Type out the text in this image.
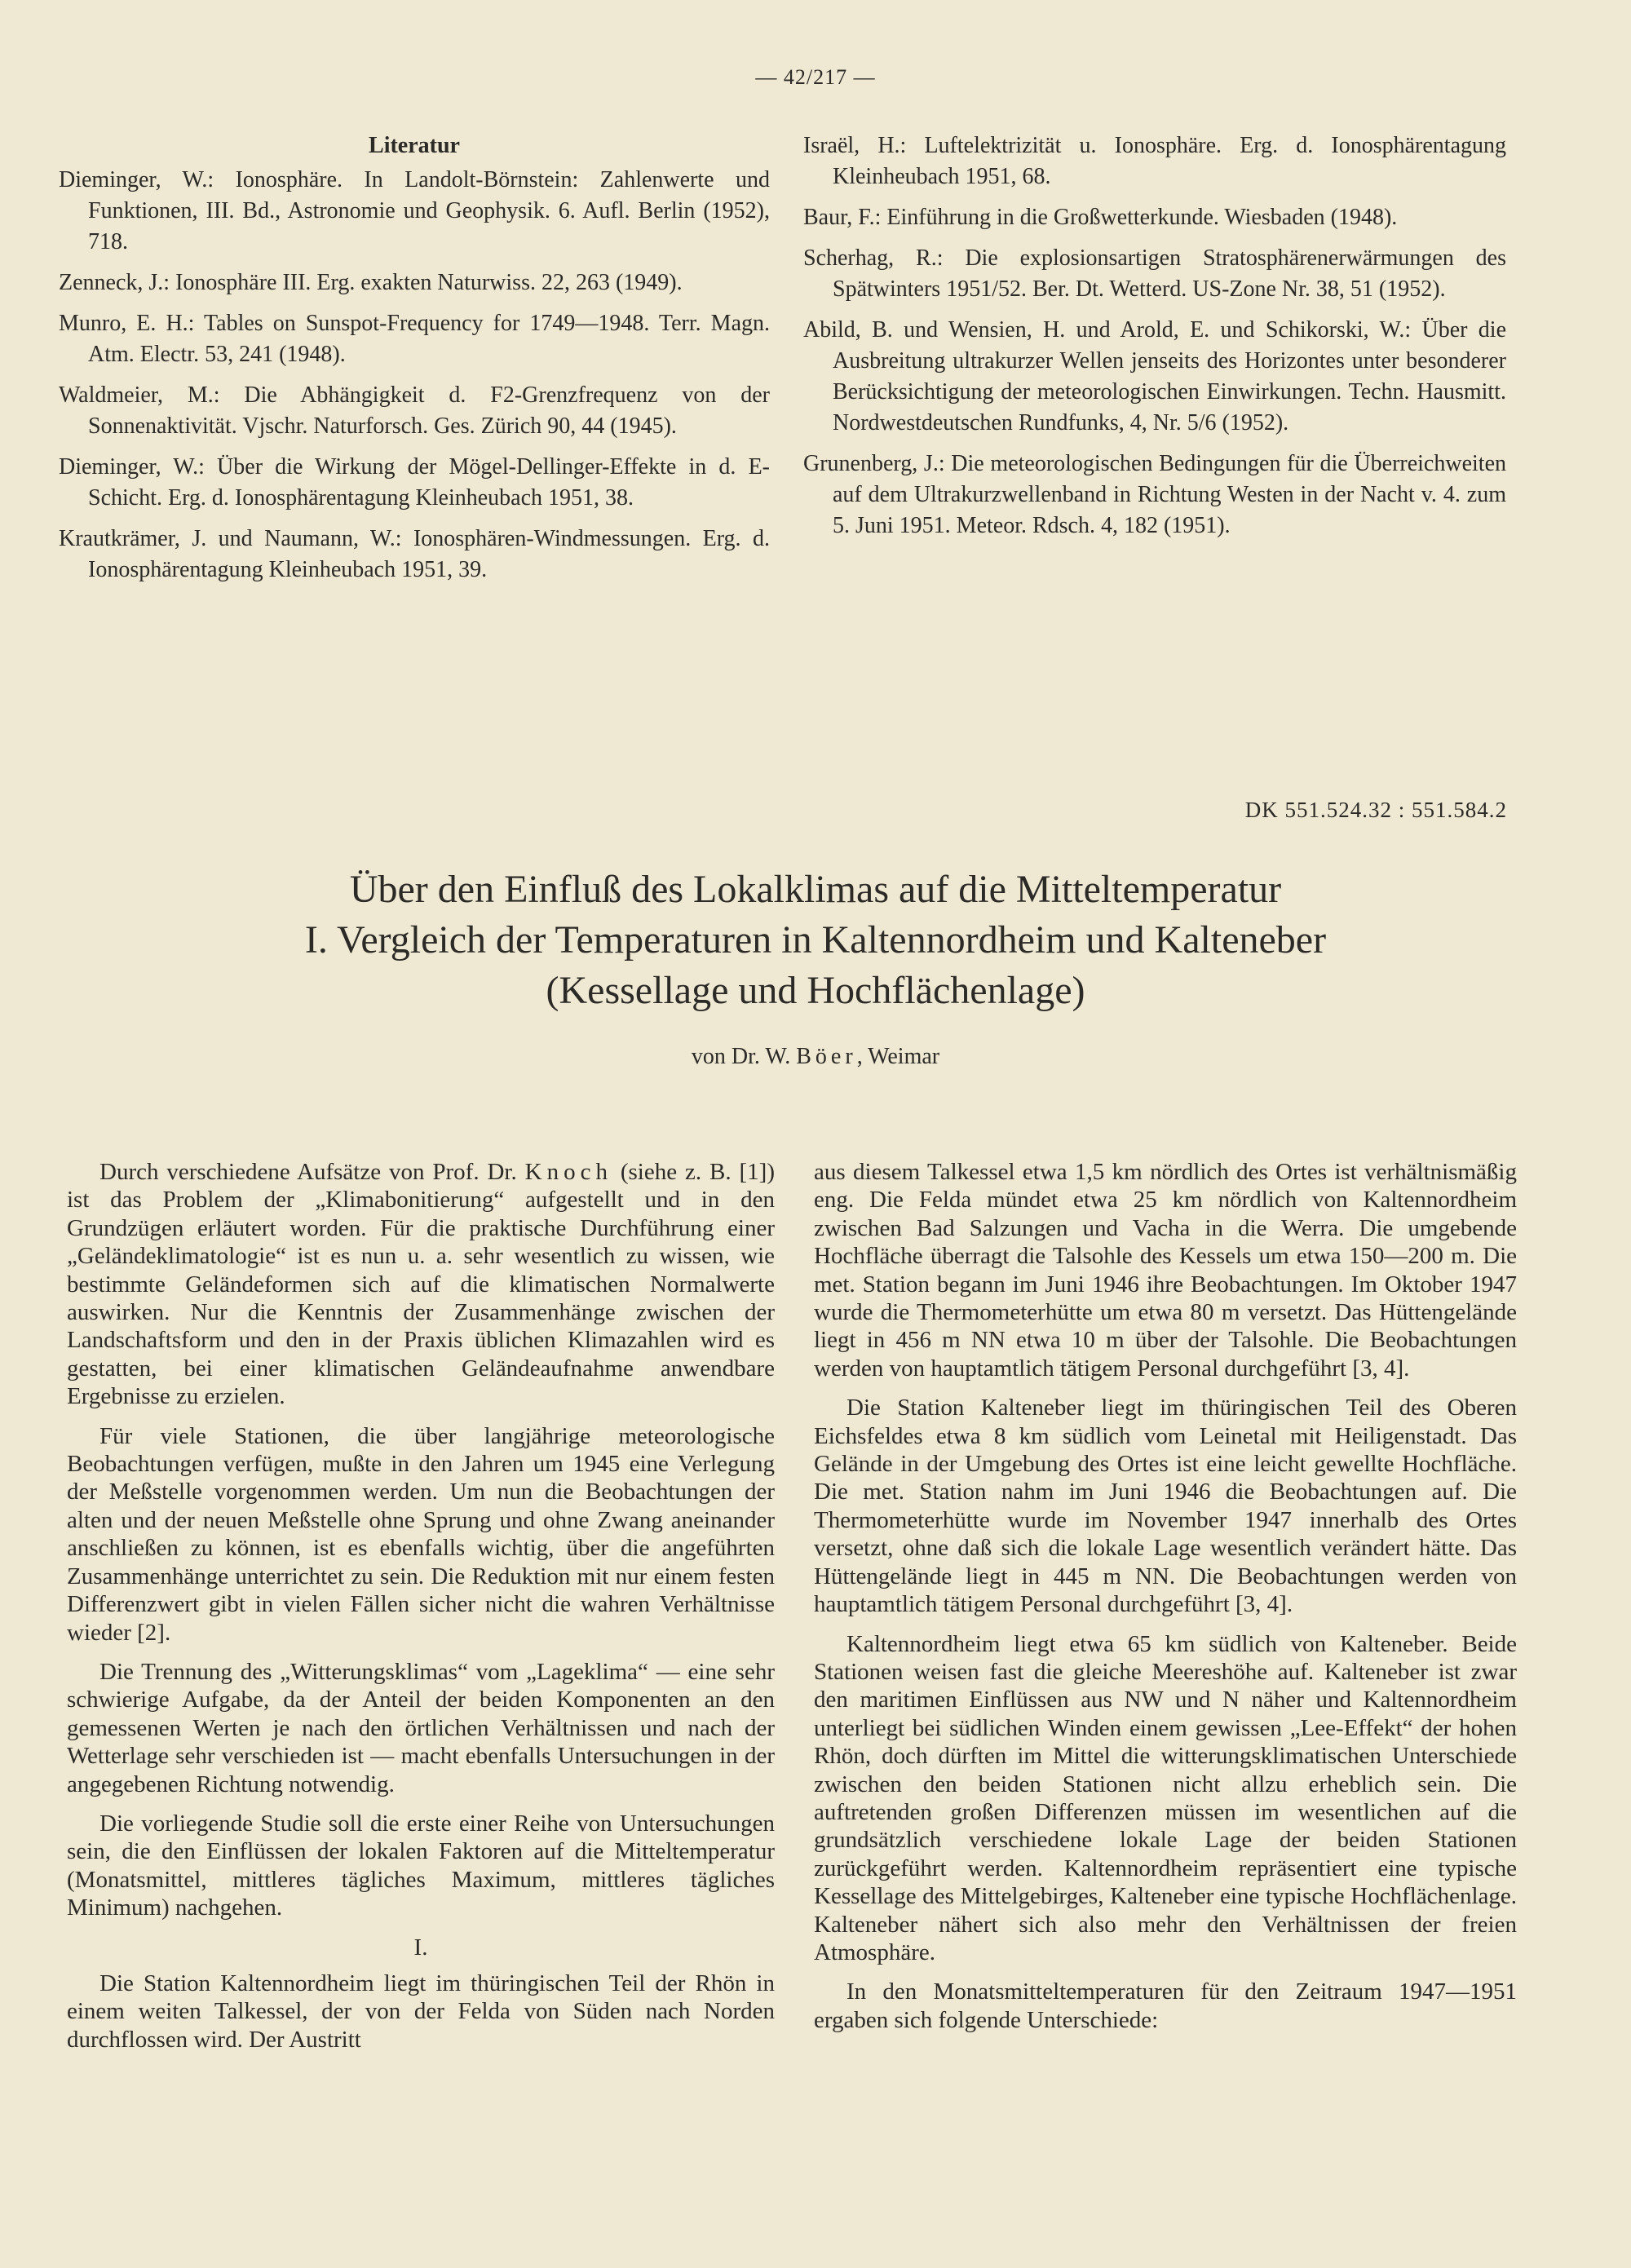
— 42/217 —
Literatur

Dieminger, W.: Ionosphäre. In Landolt-Börnstein: Zahlenwerte und Funktionen, III. Bd., Astronomie und Geophysik. 6. Aufl. Berlin (1952), 718.

Zenneck, J.: Ionosphäre III. Erg. exakten Naturwiss. 22, 263 (1949).

Munro, E. H.: Tables on Sunspot-Frequency for 1749—1948. Terr. Magn. Atm. Electr. 53, 241 (1948).

Waldmeier, M.: Die Abhängigkeit d. F2-Grenzfrequenz von der Sonnenaktivität. Vjschr. Naturforsch. Ges. Zürich 90, 44 (1945).

Dieminger, W.: Über die Wirkung der Mögel-Dellinger-Effekte in d. E-Schicht. Erg. d. Ionosphärentagung Kleinheubach 1951, 38.

Krautkrämer, J. und Naumann, W.: Ionosphären-Windmessungen. Erg. d. Ionosphärentagung Kleinheubach 1951, 39.

Israël, H.: Luftelektrizität u. Ionosphäre. Erg. d. Ionosphärentagung Kleinheubach 1951, 68.

Baur, F.: Einführung in die Großwetterkunde. Wiesbaden (1948).

Scherhag, R.: Die explosionsartigen Stratosphärenerwärmungen des Spätwinters 1951/52. Ber. Dt. Wetterd. US-Zone Nr. 38, 51 (1952).

Abild, B. und Wensien, H. und Arold, E. und Schikorski, W.: Über die Ausbreitung ultrakurzer Wellen jenseits des Horizontes unter besonderer Berücksichtigung der meteorologischen Einwirkungen. Techn. Hausmitt. Nordwestdeutschen Rundfunks, 4, Nr. 5/6 (1952).

Grunenberg, J.: Die meteorologischen Bedingungen für die Überreichweiten auf dem Ultrakurzwellenband in Richtung Westen in der Nacht v. 4. zum 5. Juni 1951. Meteor. Rdsch. 4, 182 (1951).

DK 551.524.32 : 551.584.2
Über den Einfluß des Lokalklimas auf die Mitteltemperatur
I. Vergleich der Temperaturen in Kaltennordheim und Kalteneber
(Kessellage und Hochflächenlage)
von Dr. W. Böer, Weimar

Durch verschiedene Aufsätze von Prof. Dr. Knoch (siehe z. B. [1]) ist das Problem der „Klimabonitierung“ aufgestellt und in den Grundzügen erläutert worden. Für die praktische Durchführung einer „Geländeklimatologie“ ist es nun u. a. sehr wesentlich zu wissen, wie bestimmte Geländeformen sich auf die klimatischen Normalwerte auswirken. Nur die Kenntnis der Zusammenhänge zwischen der Landschaftsform und den in der Praxis üblichen Klimazahlen wird es gestatten, bei einer klimatischen Geländeaufnahme anwendbare Ergebnisse zu erzielen.

Für viele Stationen, die über langjährige meteorologische Beobachtungen verfügen, mußte in den Jahren um 1945 eine Verlegung der Meßstelle vorgenommen werden. Um nun die Beobachtungen der alten und der neuen Meßstelle ohne Sprung und ohne Zwang aneinander anschließen zu können, ist es ebenfalls wichtig, über die angeführten Zusammenhänge unterrichtet zu sein. Die Reduktion mit nur einem festen Differenzwert gibt in vielen Fällen sicher nicht die wahren Verhältnisse wieder [2].

Die Trennung des „Witterungsklimas“ vom „Lageklima“ — eine sehr schwierige Aufgabe, da der Anteil der beiden Komponenten an den gemessenen Werten je nach den örtlichen Verhältnissen und nach der Wetterlage sehr verschieden ist — macht ebenfalls Untersuchungen in der angegebenen Richtung notwendig.

Die vorliegende Studie soll die erste einer Reihe von Untersuchungen sein, die den Einflüssen der lokalen Faktoren auf die Mitteltemperatur (Monatsmittel, mittleres tägliches Maximum, mittleres tägliches Minimum) nachgehen.

I.

Die Station Kaltennordheim liegt im thüringischen Teil der Rhön in einem weiten Talkessel, der von der Felda von Süden nach Norden durchflossen wird. Der Austritt

aus diesem Talkessel etwa 1,5 km nördlich des Ortes ist verhältnismäßig eng. Die Felda mündet etwa 25 km nördlich von Kaltennordheim zwischen Bad Salzungen und Vacha in die Werra. Die umgebende Hochfläche überragt die Talsohle des Kessels um etwa 150—200 m. Die met. Station begann im Juni 1946 ihre Beobachtungen. Im Oktober 1947 wurde die Thermometerhütte um etwa 80 m versetzt. Das Hüttengelände liegt in 456 m NN etwa 10 m über der Talsohle. Die Beobachtungen werden von hauptamtlich tätigem Personal durchgeführt [3, 4].

Die Station Kalteneber liegt im thüringischen Teil des Oberen Eichsfeldes etwa 8 km südlich vom Leinetal mit Heiligenstadt. Das Gelände in der Umgebung des Ortes ist eine leicht gewellte Hochfläche. Die met. Station nahm im Juni 1946 die Beobachtungen auf. Die Thermometerhütte wurde im November 1947 innerhalb des Ortes versetzt, ohne daß sich die lokale Lage wesentlich verändert hätte. Das Hüttengelände liegt in 445 m NN. Die Beobachtungen werden von hauptamtlich tätigem Personal durchgeführt [3, 4].

Kaltennordheim liegt etwa 65 km südlich von Kalteneber. Beide Stationen weisen fast die gleiche Meereshöhe auf. Kalteneber ist zwar den maritimen Einflüssen aus NW und N näher und Kaltennordheim unterliegt bei südlichen Winden einem gewissen „Lee-Effekt“ der hohen Rhön, doch dürften im Mittel die witterungsklimatischen Unterschiede zwischen den beiden Stationen nicht allzu erheblich sein. Die auftretenden großen Differenzen müssen im wesentlichen auf die grundsätzlich verschiedene lokale Lage der beiden Stationen zurückgeführt werden. Kaltennordheim repräsentiert eine typische Kessellage des Mittelgebirges, Kalteneber eine typische Hochflächenlage. Kalteneber nähert sich also mehr den Verhältnissen der freien Atmosphäre.

In den Monatsmitteltemperaturen für den Zeitraum 1947—1951 ergaben sich folgende Unterschiede:
